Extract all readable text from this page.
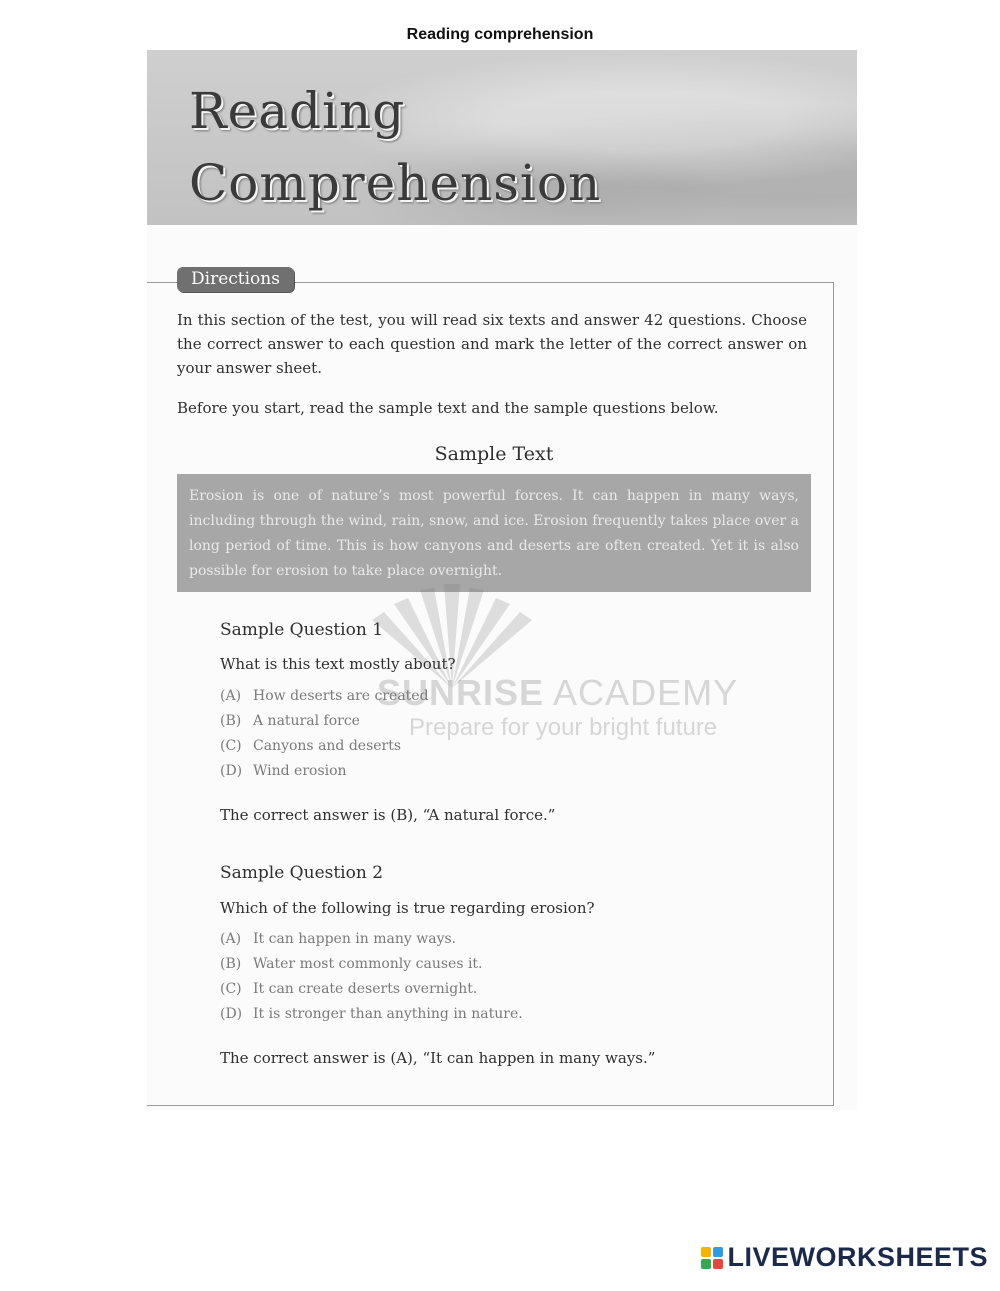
Reading comprehension
Reading
Comprehension
Directions
In this section of the test, you will read six texts and answer 42 questions. Choose the correct answer to each question and mark the letter of the correct answer on your answer sheet.
Before you start, read the sample text and the sample questions below.
Sample Text
Erosion is one of nature’s most powerful forces. It can happen in many ways, including through the wind, rain, snow, and ice. Erosion frequently takes place over a long period of time. This is how canyons and deserts are often created. Yet it is also possible for erosion to take place overnight.
SUNRISE ACADEMY
Prepare for your bright future
Sample Question 1
What is this text mostly about?
(A) How deserts are created
(B) A natural force
(C) Canyons and deserts
(D) Wind erosion
The correct answer is (B), “A natural force.”
Sample Question 2
Which of the following is true regarding erosion?
(A) It can happen in many ways.
(B) Water most commonly causes it.
(C) It can create deserts overnight.
(D) It is stronger than anything in nature.
The correct answer is (A), “It can happen in many ways.”
LIVEWORKSHEETS
